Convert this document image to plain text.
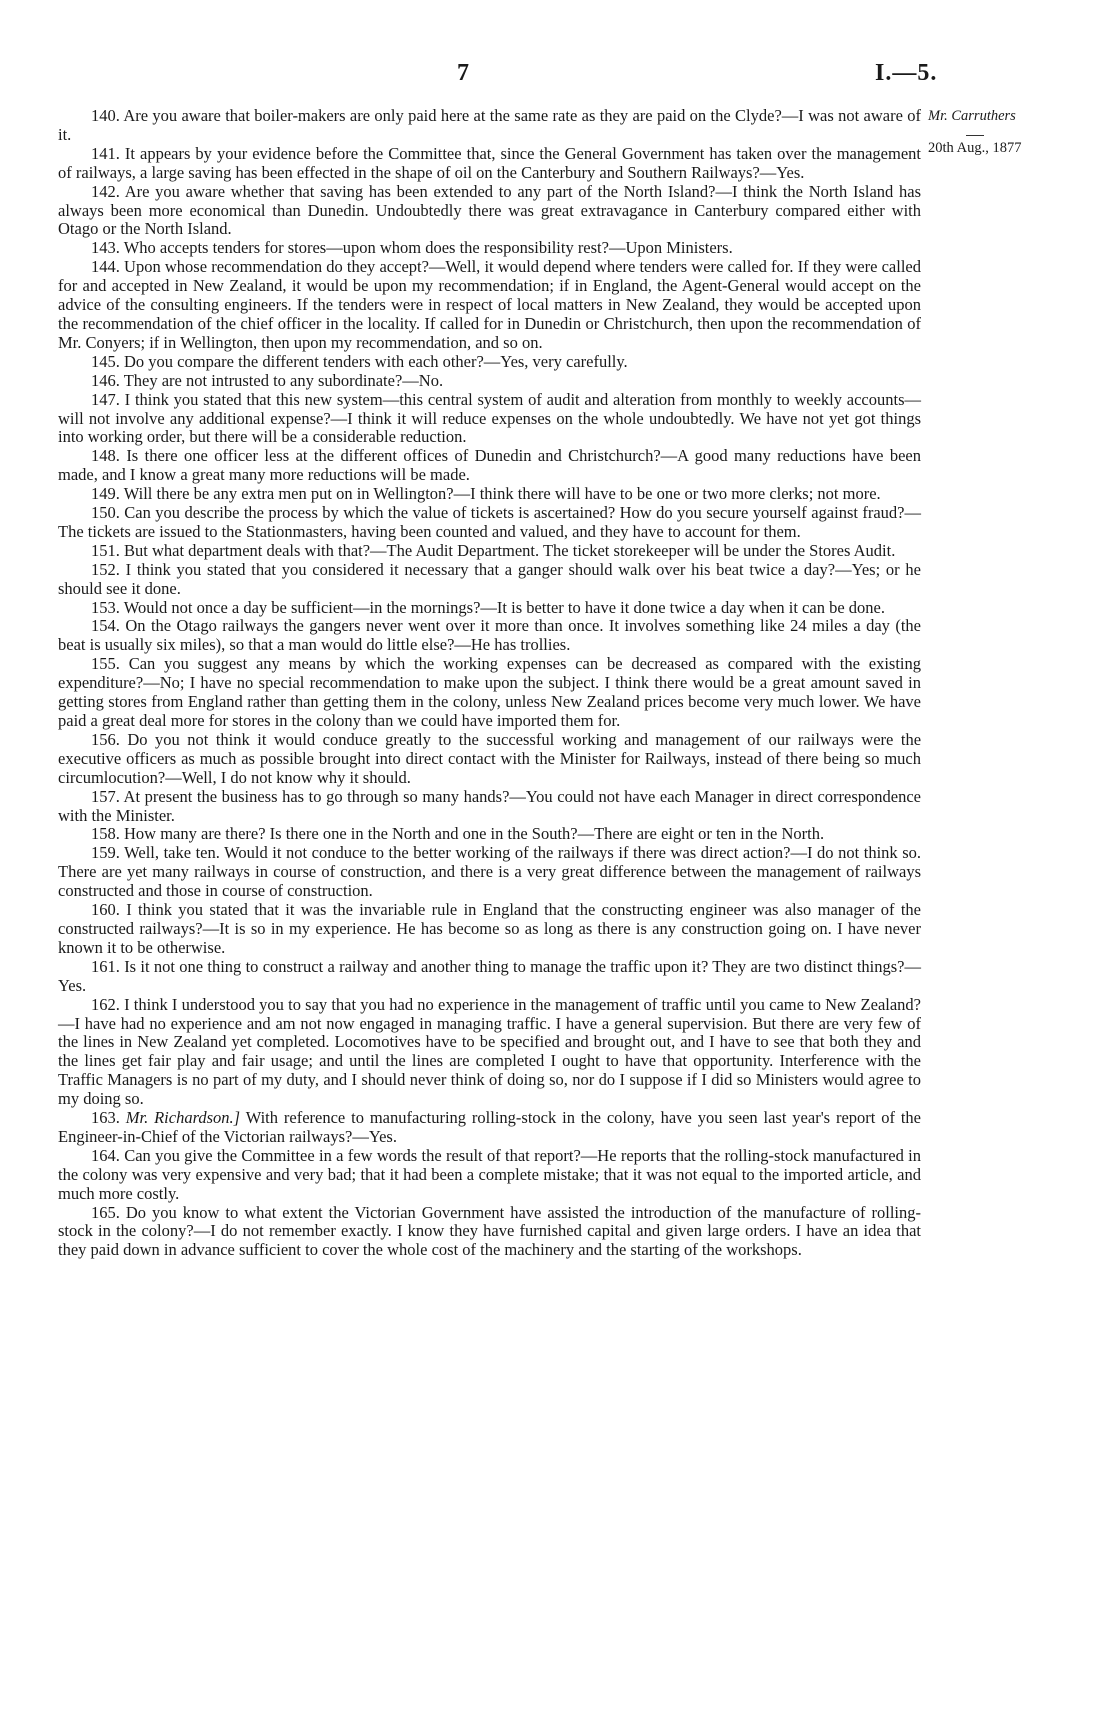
7	I.—5.
Mr. Carruthers
20th Aug., 1877

140. Are you aware that boiler-makers are only paid here at the same rate as they are paid on the Clyde?—I was not aware of it.

141. It appears by your evidence before the Committee that, since the General Government has taken over the management of railways, a large saving has been effected in the shape of oil on the Canterbury and Southern Railways?—Yes.

142. Are you aware whether that saving has been extended to any part of the North Island?—I think the North Island has always been more economical than Dunedin. Undoubtedly there was great extravagance in Canterbury compared either with Otago or the North Island.

143. Who accepts tenders for stores—upon whom does the responsibility rest?—Upon Ministers.

144. Upon whose recommendation do they accept?—Well, it would depend where tenders were called for. If they were called for and accepted in New Zealand, it would be upon my recommendation; if in England, the Agent-General would accept on the advice of the consulting engineers. If the tenders were in respect of local matters in New Zealand, they would be accepted upon the recommendation of the chief officer in the locality. If called for in Dunedin or Christchurch, then upon the recommendation of Mr. Conyers; if in Wellington, then upon my recommendation, and so on.

145. Do you compare the different tenders with each other?—Yes, very carefully.

146. They are not intrusted to any subordinate?—No.

147. I think you stated that this new system—this central system of audit and alteration from monthly to weekly accounts—will not involve any additional expense?—I think it will reduce expenses on the whole undoubtedly. We have not yet got things into working order, but there will be a considerable reduction.

148. Is there one officer less at the different offices of Dunedin and Christchurch?—A good many reductions have been made, and I know a great many more reductions will be made.

149. Will there be any extra men put on in Wellington?—I think there will have to be one or two more clerks; not more.

150. Can you describe the process by which the value of tickets is ascertained? How do you secure yourself against fraud?—The tickets are issued to the Stationmasters, having been counted and valued, and they have to account for them.

151. But what department deals with that?—The Audit Department. The ticket storekeeper will be under the Stores Audit.

152. I think you stated that you considered it necessary that a ganger should walk over his beat twice a day?—Yes; or he should see it done.

153. Would not once a day be sufficient—in the mornings?—It is better to have it done twice a day when it can be done.

154. On the Otago railways the gangers never went over it more than once. It involves something like 24 miles a day (the beat is usually six miles), so that a man would do little else?—He has trollies.

155. Can you suggest any means by which the working expenses can be decreased as compared with the existing expenditure?—No; I have no special recommendation to make upon the subject. I think there would be a great amount saved in getting stores from England rather than getting them in the colony, unless New Zealand prices become very much lower. We have paid a great deal more for stores in the colony than we could have imported them for.

156. Do you not think it would conduce greatly to the successful working and management of our railways were the executive officers as much as possible brought into direct contact with the Minister for Railways, instead of there being so much circumlocution?—Well, I do not know why it should.

157. At present the business has to go through so many hands?—You could not have each Manager in direct correspondence with the Minister.

158. How many are there? Is there one in the North and one in the South?—There are eight or ten in the North.

159. Well, take ten. Would it not conduce to the better working of the railways if there was direct action?—I do not think so. There are yet many railways in course of construction, and there is a very great difference between the management of railways constructed and those in course of construction.

160. I think you stated that it was the invariable rule in England that the constructing engineer was also manager of the constructed railways?—It is so in my experience. He has become so as long as there is any construction going on. I have never known it to be otherwise.

161. Is it not one thing to construct a railway and another thing to manage the traffic upon it? They are two distinct things?—Yes.

162. I think I understood you to say that you had no experience in the management of traffic until you came to New Zealand?—I have had no experience and am not now engaged in managing traffic. I have a general supervision. But there are very few of the lines in New Zealand yet completed. Locomotives have to be specified and brought out, and I have to see that both they and the lines get fair play and fair usage; and until the lines are completed I ought to have that opportunity. Interference with the Traffic Managers is no part of my duty, and I should never think of doing so, nor do I suppose if I did so Ministers would agree to my doing so.

163. Mr. Richardson.] With reference to manufacturing rolling-stock in the colony, have you seen last year's report of the Engineer-in-Chief of the Victorian railways?—Yes.

164. Can you give the Committee in a few words the result of that report?—He reports that the rolling-stock manufactured in the colony was very expensive and very bad; that it had been a complete mistake; that it was not equal to the imported article, and much more costly.

165. Do you know to what extent the Victorian Government have assisted the introduction of the manufacture of rolling-stock in the colony?—I do not remember exactly. I know they have furnished capital and given large orders. I have an idea that they paid down in advance sufficient to cover the whole cost of the machinery and the starting of the workshops.
